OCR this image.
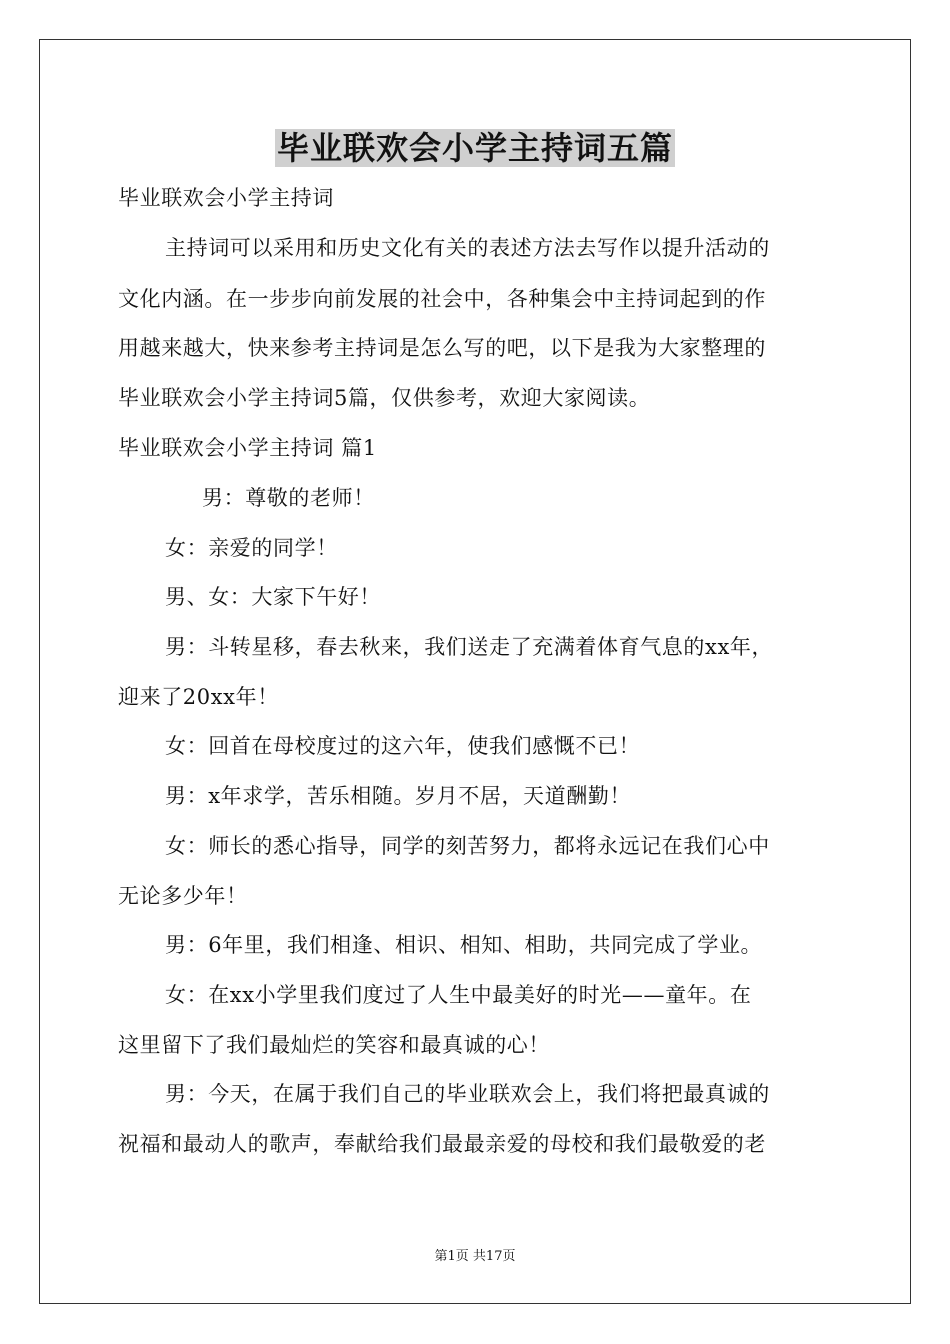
毕业联欢会小学主持词五篇
毕业联欢会小学主持词
主持词可以采用和历史文化有关的表述方法去写作以提升活动的
文化内涵。在一步步向前发展的社会中，各种集会中主持词起到的作
用越来越大，快来参考主持词是怎么写的吧，以下是我为大家整理的
毕业联欢会小学主持词5篇，仅供参考，欢迎大家阅读。
毕业联欢会小学主持词 篇1
男：尊敬的老师！
女：亲爱的同学！
男、女：大家下午好！
男：斗转星移，春去秋来，我们送走了充满着体育气息的xx年，
迎来了20xx年！
女：回首在母校度过的这六年，使我们感慨不已！
男：x年求学，苦乐相随。岁月不居，天道酬勤！
女：师长的悉心指导，同学的刻苦努力，都将永远记在我们心中
无论多少年！
男：6年里，我们相逢、相识、相知、相助，共同完成了学业。
女：在xx小学里我们度过了人生中最美好的时光——童年。在
这里留下了我们最灿烂的笑容和最真诚的心！
男：今天，在属于我们自己的毕业联欢会上，我们将把最真诚的
祝福和最动人的歌声，奉献给我们最最亲爱的母校和我们最敬爱的老
第1页 共17页
